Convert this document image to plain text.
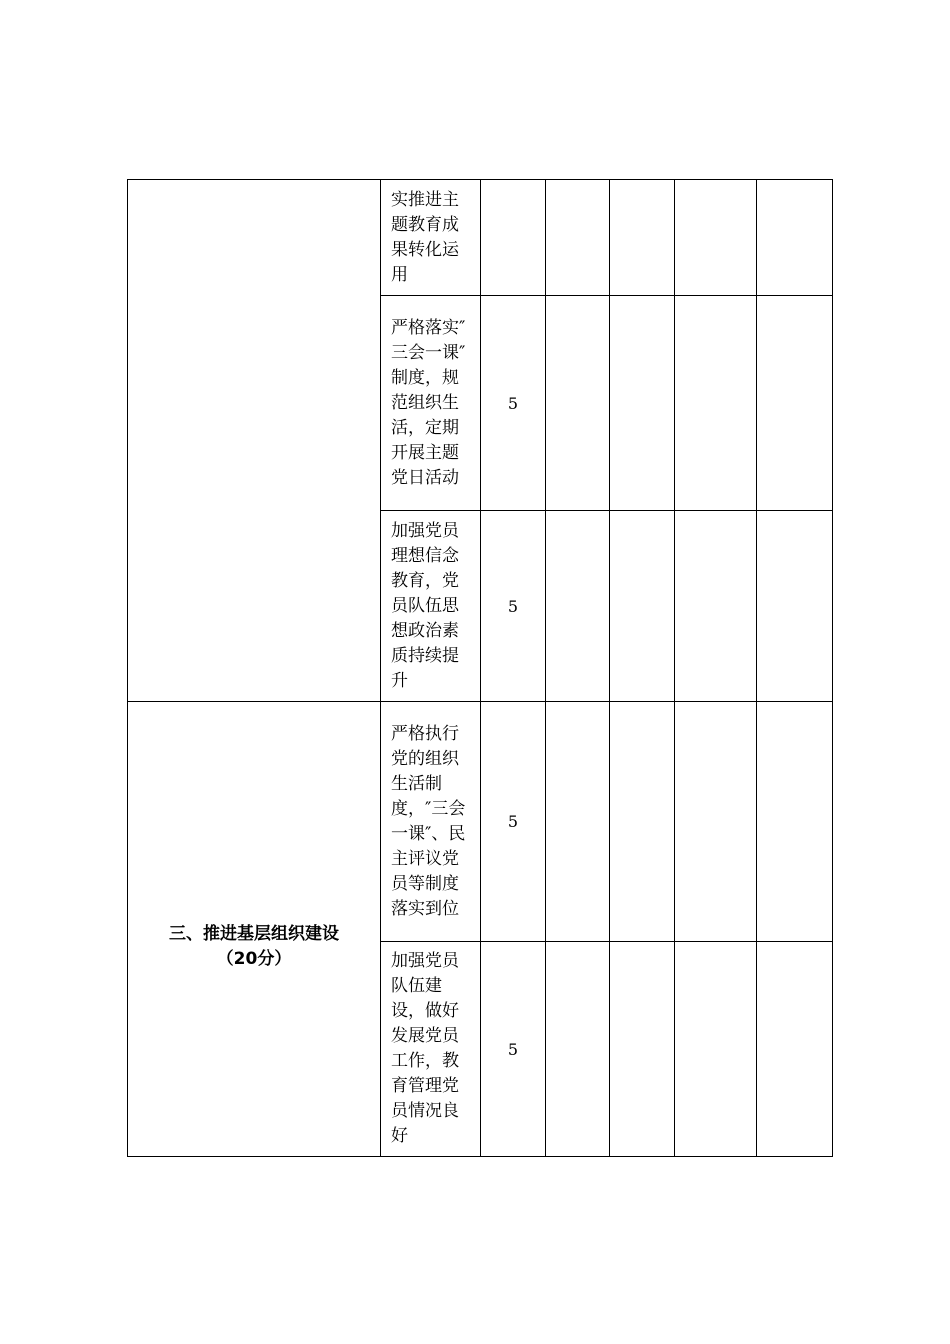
	实推进主题教育成果转化运用					
	严格落实″三会一课″制度，规范组织生活，定期开展主题党日活动	5				
	加强党员理想信念教育，党员队伍思想政治素质持续提升	5				

三、推进基层组织建设
（20分）	严格执行党的组织生活制度，″三会一课″、民主评议党员等制度落实到位	5				
	加强党员队伍建设，做好发展党员工作，教育管理党员情况良好	5				
